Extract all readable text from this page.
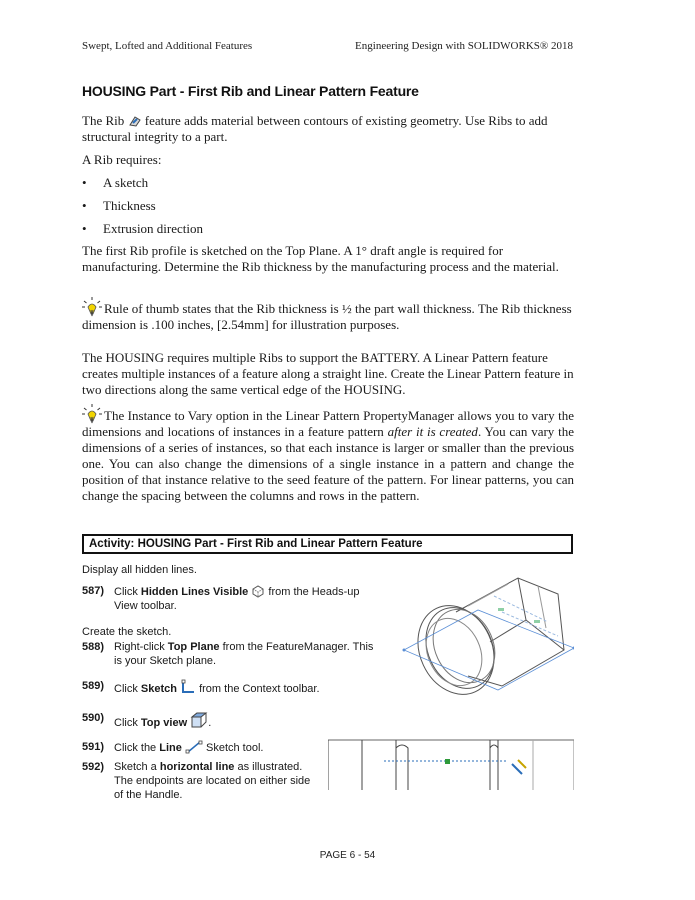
Swept, Lofted and Additional Features	Engineering Design with SOLIDWORKS® 2018
HOUSING Part - First Rib and Linear Pattern Feature
The Rib feature adds material between contours of existing geometry. Use Ribs to add structural integrity to a part.
A Rib requires:
• A sketch
• Thickness
• Extrusion direction
The first Rib profile is sketched on the Top Plane. A 1° draft angle is required for manufacturing. Determine the Rib thickness by the manufacturing process and the material.
Rule of thumb states that the Rib thickness is ½ the part wall thickness. The Rib thickness dimension is .100 inches, [2.54mm] for illustration purposes.
The HOUSING requires multiple Ribs to support the BATTERY. A Linear Pattern feature creates multiple instances of a feature along a straight line. Create the Linear Pattern feature in two directions along the same vertical edge of the HOUSING.
The Instance to Vary option in the Linear Pattern PropertyManager allows you to vary the dimensions and locations of instances in a feature pattern after it is created. You can vary the dimensions of a series of instances, so that each instance is larger or smaller than the previous one. You can also change the dimensions of a single instance in a pattern and change the position of that instance relative to the seed feature of the pattern. For linear patterns, you can change the spacing between the columns and rows in the pattern.
Activity: HOUSING Part - First Rib and Linear Pattern Feature
Display all hidden lines.
587) Click Hidden Lines Visible  from the Heads-up View toolbar.
Create the sketch.
588) Right-click Top Plane from the FeatureManager. This is your Sketch plane.
589) Click Sketch  from the Context toolbar.
590) Click Top view .
591) Click the Line  Sketch tool.
592) Sketch a horizontal line as illustrated. The endpoints are located on either side of the Handle.
PAGE 6 - 54
